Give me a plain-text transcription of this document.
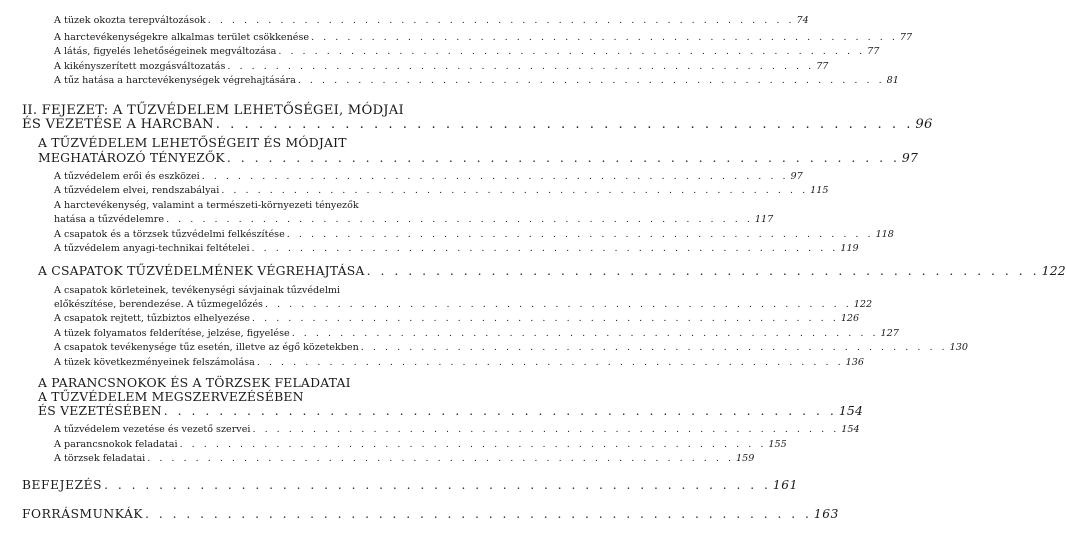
A tüzek okozta terepváltozások . . . . . . . . . . . . . . . . . . . . . . . . . . . . . . . . . . . . . . . . . . . . . . . . . 74
A harctevékenységekre alkalmas terület csökkenése . . . . . . . . . . . . . . . . . . . . . . . . . . . . . . . . . . . . . . . . . . . . . . . . . 77
A látás, figyelés lehetőségeinek megváltozása . . . . . . . . . . . . . . . . . . . . . . . . . . . . . . . . . . . . . . . . . . . . . . . . . 77
A kikényszerített mozgásváltozatás . . . . . . . . . . . . . . . . . . . . . . . . . . . . . . . . . . . . . . . . . . . . . . . . . 77
A tűz hatása a harctevékenységek végrehajtására . . . . . . . . . . . . . . . . . . . . . . . . . . . . . . . . . . . . . . . . . . . . . . . . . 81
II. FEJEZET: A TŰZVÉDELEM LEHETŐSÉGEI, MÓDJAI
ÉS VEZETÉSE A HARCBAN . . . . . . . . . . . . . . . . . . . . . . . . . . . . . . . . . . . . . . . . . . . . . . . . . 96
A TŰZVÉDELEM LEHETŐSÉGEIT ÉS MÓDJAIT
MEGHATÁROZÓ TÉNYEZŐK . . . . . . . . . . . . . . . . . . . . . . . . . . . . . . . . . . . . . . . . . . . . . . . . . 97
A tűzvédelem erői és eszközei . . . . . . . . . . . . . . . . . . . . . . . . . . . . . . . . . . . . . . . . . . . . . . . . . 97
A tűzvédelem elvei, rendszabályai . . . . . . . . . . . . . . . . . . . . . . . . . . . . . . . . . . . . . . . . . . . . . . . . . 115
A harctevékenység, valamint a természeti-környezeti tényezők
hatása a tűzvédelemre . . . . . . . . . . . . . . . . . . . . . . . . . . . . . . . . . . . . . . . . . . . . . . . . . 117
A csapatok és a törzsek tűzvédelmi felkészítése . . . . . . . . . . . . . . . . . . . . . . . . . . . . . . . . . . . . . . . . . . . . . . . . . 118
A tűzvédelem anyagi-technikai feltételei . . . . . . . . . . . . . . . . . . . . . . . . . . . . . . . . . . . . . . . . . . . . . . . . . 119
A CSAPATOK TŰZVÉDELMÉNEK VÉGREHAJTÁSA . . . . . . . . . . . . . . . . . . . . . . . . . . . . . . . . . . . . . . . . . . . . . . . . . 122
A csapatok körleteinek, tevékenységi sávjainak tűzvédelmi
előkészítése, berendezése. A tűzmegelőzés . . . . . . . . . . . . . . . . . . . . . . . . . . . . . . . . . . . . . . . . . . . . . . . . . 122
A csapatok rejtett, tűzbiztos elhelyezése . . . . . . . . . . . . . . . . . . . . . . . . . . . . . . . . . . . . . . . . . . . . . . . . . 126
A tüzek folyamatos felderítése, jelzése, figyelése . . . . . . . . . . . . . . . . . . . . . . . . . . . . . . . . . . . . . . . . . . . . . . . . . 127
A csapatok tevékenysége tűz esetén, illetve az égő közetekben . . . . . . . . . . . . . . . . . . . . . . . . . . . . . . . . . . . . . . . . . . . . . . . . . 130
A tüzek következményeinek felszámolása . . . . . . . . . . . . . . . . . . . . . . . . . . . . . . . . . . . . . . . . . . . . . . . . . 136
A PARANCSNOKOK ÉS A TÖRZSEK FELADATAI
A TŰZVÉDELEM MEGSZERVEZÉSÉBEN
ÉS VEZETÉSÉBEN . . . . . . . . . . . . . . . . . . . . . . . . . . . . . . . . . . . . . . . . . . . . . . . . . 154
A tűzvédelem vezetése és vezető szervei . . . . . . . . . . . . . . . . . . . . . . . . . . . . . . . . . . . . . . . . . . . . . . . . . 154
A parancsnokok feladatai . . . . . . . . . . . . . . . . . . . . . . . . . . . . . . . . . . . . . . . . . . . . . . . . . 155
A törzsek feladatai . . . . . . . . . . . . . . . . . . . . . . . . . . . . . . . . . . . . . . . . . . . . . . . . . 159
BEFEJEZÉS . . . . . . . . . . . . . . . . . . . . . . . . . . . . . . . . . . . . . . . . . . . . . . . . . 161
FORRÁSMUNKÁK . . . . . . . . . . . . . . . . . . . . . . . . . . . . . . . . . . . . . . . . . . . . . . . . . 163
